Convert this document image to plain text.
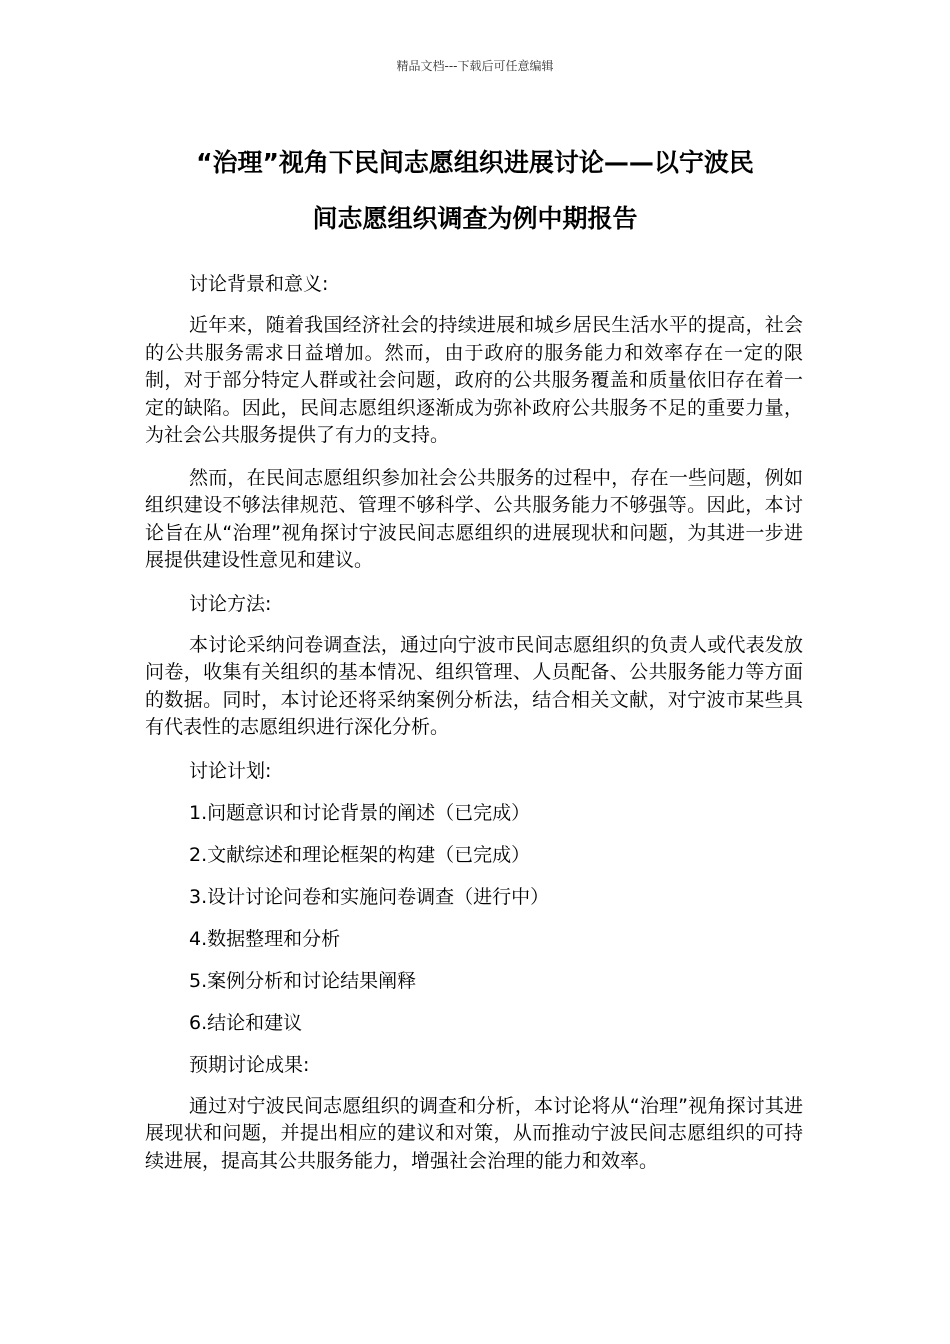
精品文档---下载后可任意编辑
“治理”视角下民间志愿组织进展讨论——以宁波民
间志愿组织调查为例中期报告

讨论背景和意义:

近年来，随着我国经济社会的持续进展和城乡居民生活水平的提高，社会的公共服务需求日益增加。然而，由于政府的服务能力和效率存在一定的限制，对于部分特定人群或社会问题，政府的公共服务覆盖和质量依旧存在着一定的缺陷。因此，民间志愿组织逐渐成为弥补政府公共服务不足的重要力量，为社会公共服务提供了有力的支持。

然而，在民间志愿组织参加社会公共服务的过程中，存在一些问题，例如组织建设不够法律规范、管理不够科学、公共服务能力不够强等。因此，本讨论旨在从“治理”视角探讨宁波民间志愿组织的进展现状和问题，为其进一步进展提供建设性意见和建议。

讨论方法:

本讨论采纳问卷调查法，通过向宁波市民间志愿组织的负责人或代表发放问卷，收集有关组织的基本情况、组织管理、人员配备、公共服务能力等方面的数据。同时，本讨论还将采纳案例分析法，结合相关文献，对宁波市某些具有代表性的志愿组织进行深化分析。

讨论计划:

1.问题意识和讨论背景的阐述（已完成）

2.文献综述和理论框架的构建（已完成）

3.设计讨论问卷和实施问卷调查（进行中）

4.数据整理和分析

5.案例分析和讨论结果阐释

6.结论和建议

预期讨论成果:

通过对宁波民间志愿组织的调查和分析，本讨论将从“治理”视角探讨其进展现状和问题，并提出相应的建议和对策，从而推动宁波民间志愿组织的可持续进展，提高其公共服务能力，增强社会治理的能力和效率。
